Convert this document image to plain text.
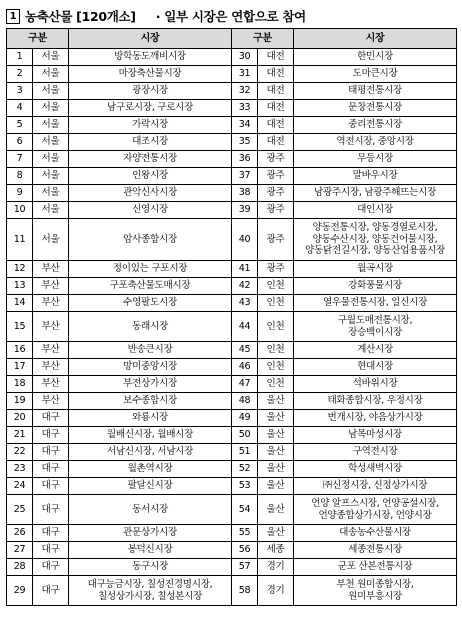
1 농축산물 [120개소] · 일부 시장은 연합으로 참여
구분		시장	구분		시장
1	서울	방학동도깨비시장	30	대전	한민시장
2	서울	마장축산물시장	31	대전	도마큰시장
3	서울	광장시장	32	대전	태평전통시장
4	서울	남구로시장, 구로시장	33	대전	문창전통시장
5	서울	가락시장	34	대전	중리전통시장
6	서울	대조시장	35	대전	역전시장, 중앙시장
7	서울	자양전통시장	36	광주	무등시장
8	서울	인왕시장	37	광주	말바우시장
9	서울	관악신사시장	38	광주	남광주시장, 남광주해뜨는시장
10	서울	신영시장	39	광주	대인시장
11	서울	암사종합시장	40	광주	양동전통시장, 양동경열로시장,
양동수산시장, 양동건어물시장,
양동닭전길시장, 양동산업용품시장
12	부산	정이있는 구포시장	41	광주	월곡시장
13	부산	구포축산물도매시장	42	인천	강화풍물시장
14	부산	수영팔도시장	43	인천	열우물전통시장, 일신시장
15	부산	동래시장	44	인천	구월도매전통시장,
장승백이시장
16	부산	반송큰시장	45	인천	계산시장
17	부산	망미중앙시장	46	인천	현대시장
18	부산	부전상가시장	47	인천	석바위시장
19	부산	보수종합시장	48	울산	태화종합시장, 우정시장
20	대구	와룡시장	49	울산	번개시장, 야음상가시장
21	대구	월배신시장, 월배시장	50	울산	남목마성시장
22	대구	서남신시장, 서남시장	51	울산	구역전시장
23	대구	월촌역시장	52	울산	학성새벽시장
24	대구	팔달신시장	53	울산	㈜신정시장, 신정상가시장
25	대구	동서시장	54	울산	언양 알프스시장, 언양공설시장,
언양종합상가시장, 언양시장
26	대구	관문상가시장	55	울산	대송농수산물시장
27	대구	봉덕신시장	56	세종	세종전통시장
28	대구	동구시장	57	경기	군포 산본전통시장
29	대구	대구능금시장, 칠성진경명시장,
칠성상가시장, 칠성본시장	58	경기	부천 원미종합시장,
원미부흥시장
